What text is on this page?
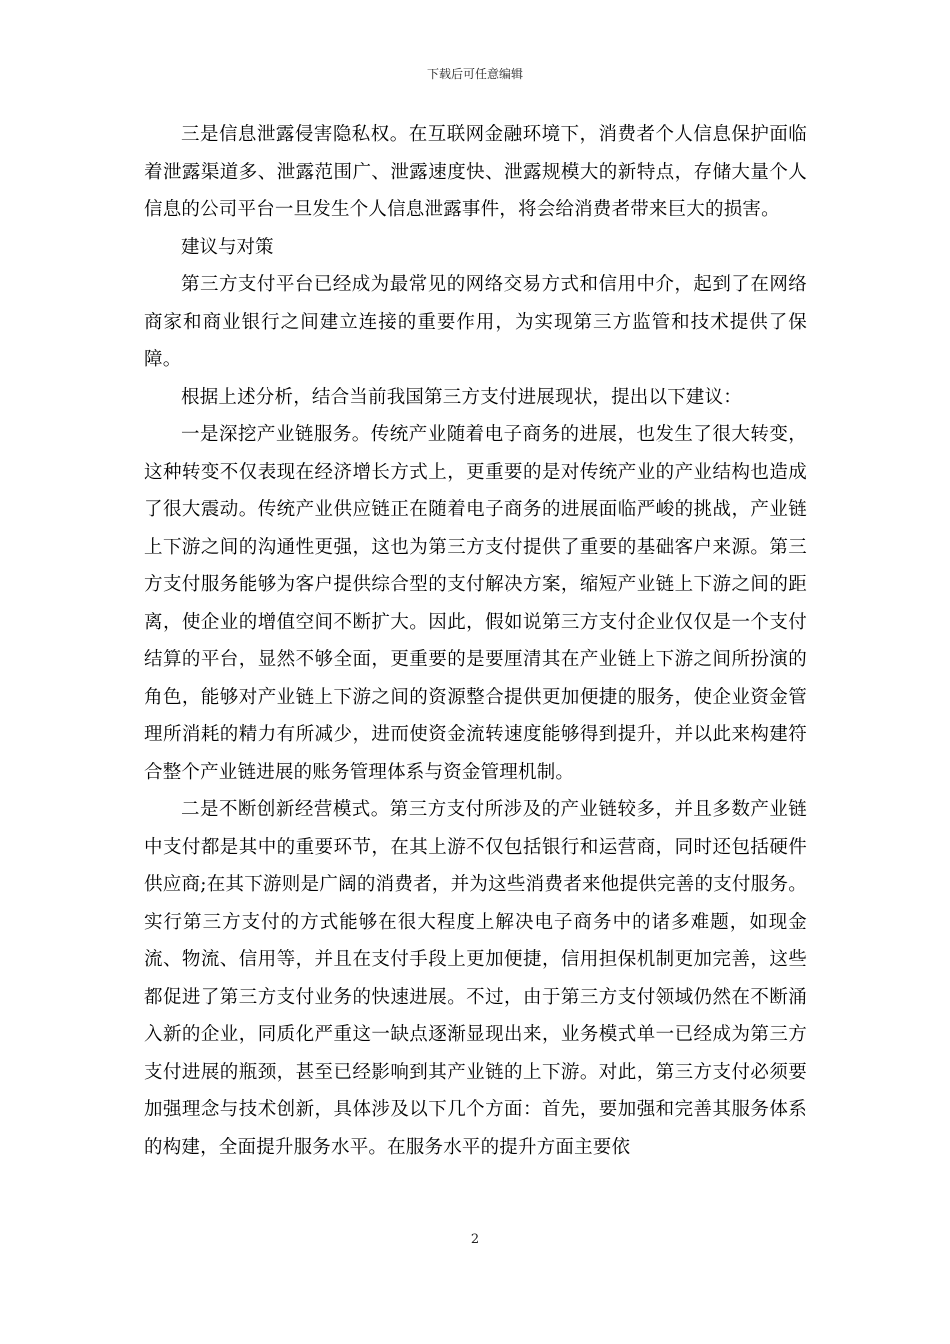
下载后可任意编辑

三是信息泄露侵害隐私权。在互联网金融环境下，消费者个人信息保护面临着泄露渠道多、泄露范围广、泄露速度快、泄露规模大的新特点，存储大量个人信息的公司平台一旦发生个人信息泄露事件，将会给消费者带来巨大的损害。

建议与对策

第三方支付平台已经成为最常见的网络交易方式和信用中介，起到了在网络商家和商业银行之间建立连接的重要作用，为实现第三方监管和技术提供了保障。

根据上述分析，结合当前我国第三方支付进展现状，提出以下建议：

一是深挖产业链服务。传统产业随着电子商务的进展，也发生了很大转变，这种转变不仅表现在经济增长方式上，更重要的是对传统产业的产业结构也造成了很大震动。传统产业供应链正在随着电子商务的进展面临严峻的挑战，产业链上下游之间的沟通性更强，这也为第三方支付提供了重要的基础客户来源。第三方支付服务能够为客户提供综合型的支付解决方案，缩短产业链上下游之间的距离，使企业的增值空间不断扩大。因此，假如说第三方支付企业仅仅是一个支付结算的平台，显然不够全面，更重要的是要厘清其在产业链上下游之间所扮演的角色，能够对产业链上下游之间的资源整合提供更加便捷的服务，使企业资金管理所消耗的精力有所减少，进而使资金流转速度能够得到提升，并以此来构建符合整个产业链进展的账务管理体系与资金管理机制。

二是不断创新经营模式。第三方支付所涉及的产业链较多，并且多数产业链中支付都是其中的重要环节，在其上游不仅包括银行和运营商，同时还包括硬件供应商;在其下游则是广阔的消费者，并为这些消费者来他提供完善的支付服务。实行第三方支付的方式能够在很大程度上解决电子商务中的诸多难题，如现金流、物流、信用等，并且在支付手段上更加便捷，信用担保机制更加完善，这些都促进了第三方支付业务的快速进展。不过，由于第三方支付领域仍然在不断涌入新的企业，同质化严重这一缺点逐渐显现出来，业务模式单一已经成为第三方支付进展的瓶颈，甚至已经影响到其产业链的上下游。对此，第三方支付必须要加强理念与技术创新，具体涉及以下几个方面：首先，要加强和完善其服务体系的构建，全面提升服务水平。在服务水平的提升方面主要依

2
